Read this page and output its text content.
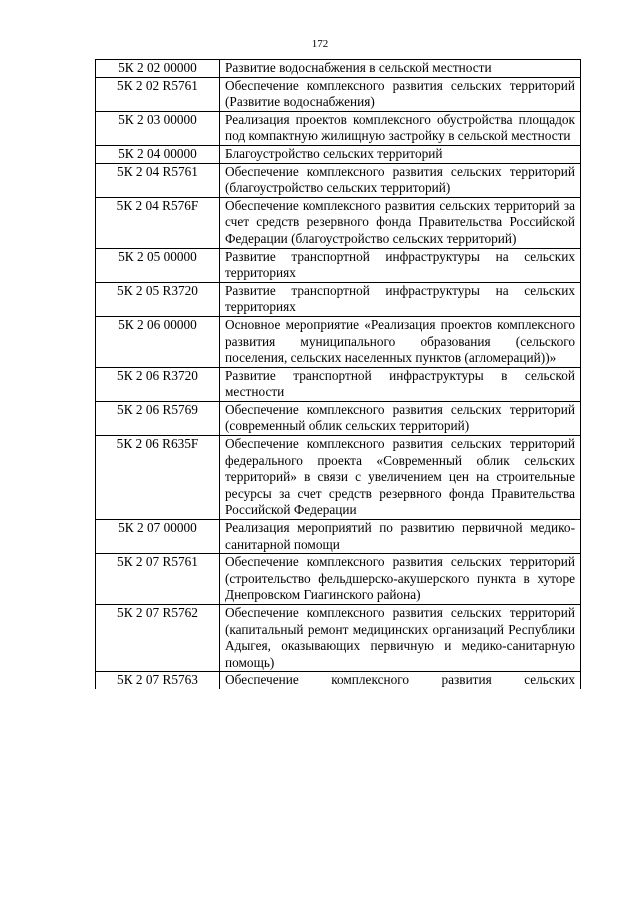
172
5К 2 02 00000	Развитие водоснабжения в сельской местности
5К 2 02 R5761	Обеспечение комплексного развития сельских территорий (Развитие водоснабжения)
5К 2 03 00000	Реализация проектов комплексного обустройства площадок под компактную жилищную застройку в сельской местности
5К 2 04 00000	Благоустройство сельских территорий
5К 2 04 R5761	Обеспечение комплексного развития сельских территорий (благоустройство сельских территорий)
5К 2 04 R576F	Обеспечение комплексного развития сельских территорий за счет средств резервного фонда Правительства Российской Федерации (благоустройство сельских территорий)
5К 2 05 00000	Развитие транспортной инфраструктуры на сельских территориях
5К 2 05 R3720	Развитие транспортной инфраструктуры на сельских территориях
5К 2 06 00000	Основное мероприятие «Реализация проектов комплексного развития муниципального образования (сельского поселения, сельских населенных пунктов (агломераций))»
5К 2 06 R3720	Развитие транспортной инфраструктуры в сельской местности
5К 2 06 R5769	Обеспечение комплексного развития сельских территорий (современный облик сельских территорий)
5К 2 06 R635F	Обеспечение комплексного развития сельских территорий федерального проекта «Современный облик сельских территорий» в связи с увеличением цен на строительные ресурсы за счет средств резервного фонда Правительства Российской Федерации
5К 2 07 00000	Реализация мероприятий по развитию первичной медико-санитарной помощи
5К 2 07 R5761	Обеспечение комплексного развития сельских территорий (строительство фельдшерско-акушерского пункта в хуторе Днепровском Гиагинского района)
5К 2 07 R5762	Обеспечение комплексного развития сельских территорий (капитальный ремонт медицинских организаций Республики Адыгея, оказывающих первичную и медико-санитарную помощь)
5К 2 07 R5763	Обеспечение комплексного развития сельских
